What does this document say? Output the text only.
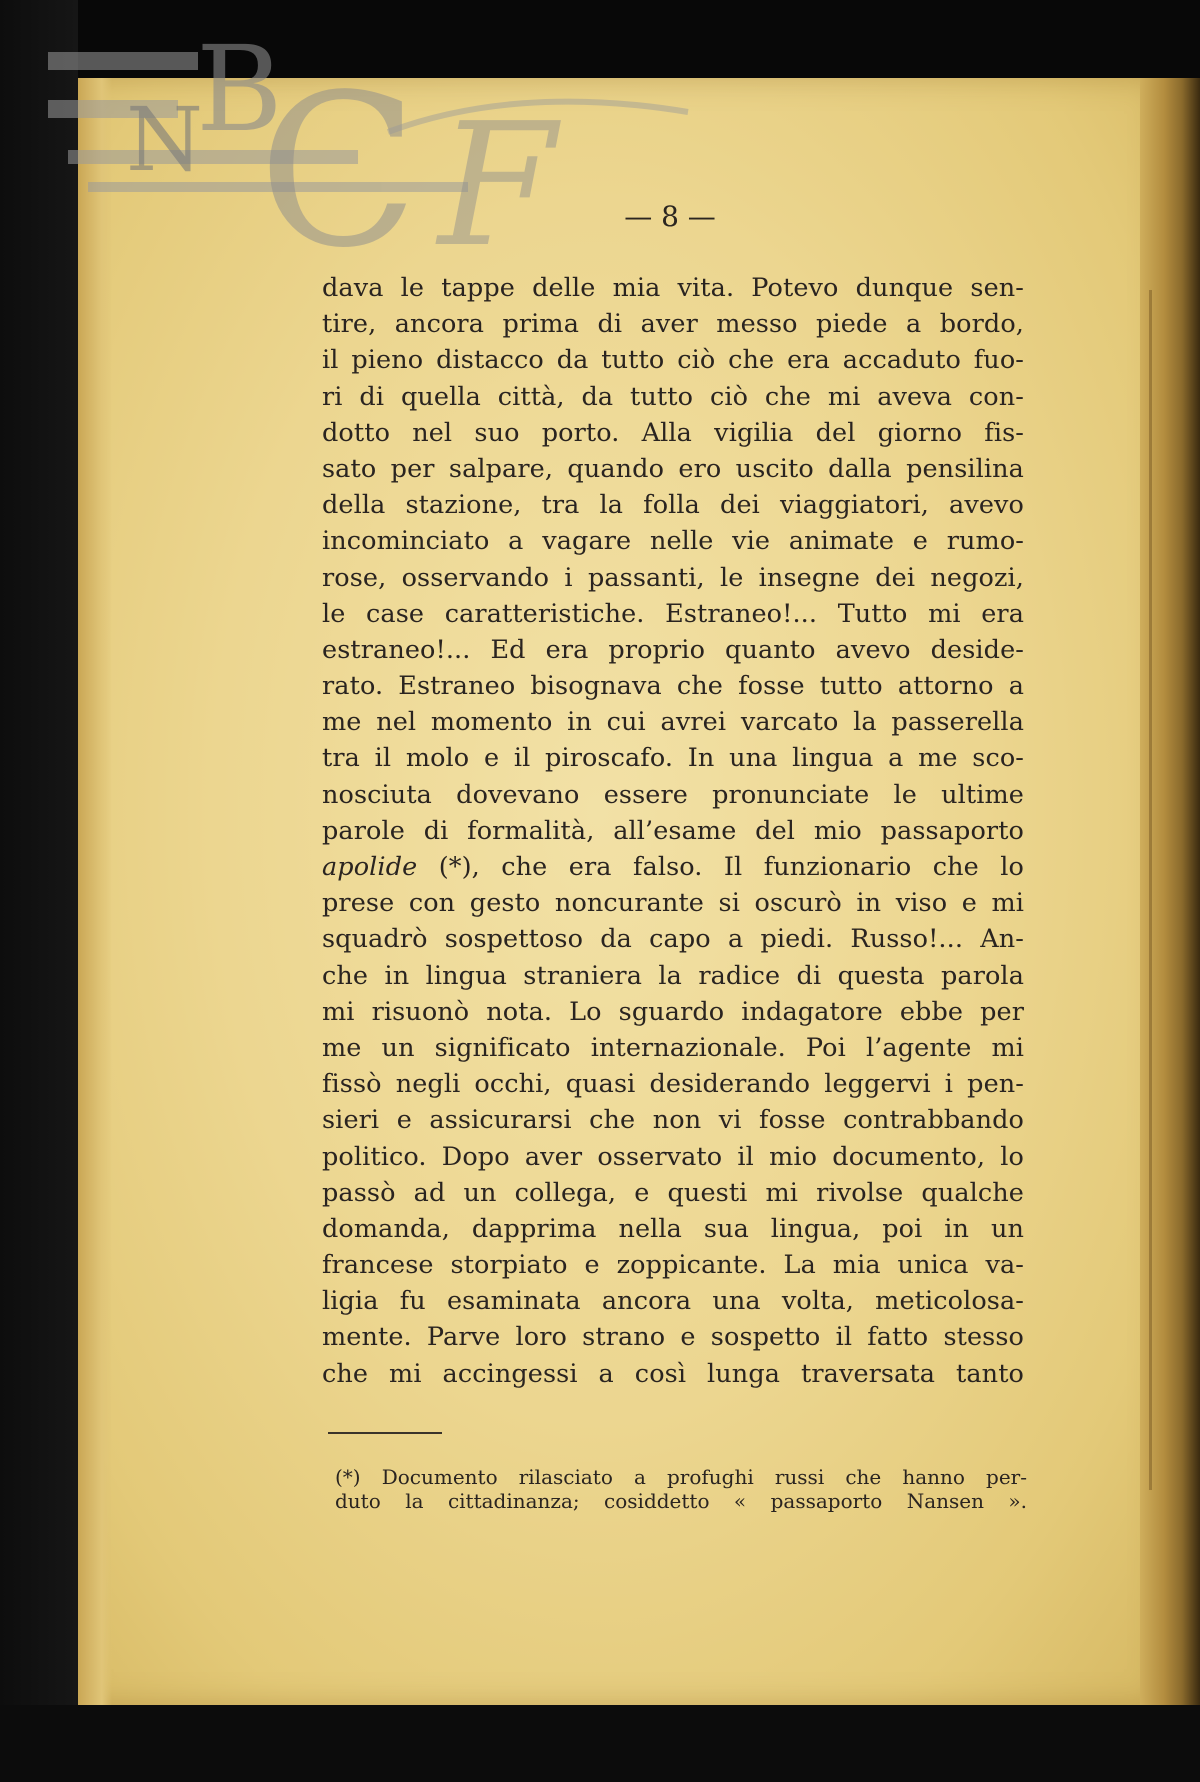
B
N C F	— 8 —
dava le tappe delle mia vita. Potevo dunque sen-
tire, ancora prima di aver messo piede a bordo,
il pieno distacco da tutto ciò che era accaduto fuo-
ri di quella città, da tutto ciò che mi aveva con-
dotto nel suo porto. Alla vigilia del giorno fis-
sato per salpare, quando ero uscito dalla pensilina
della stazione, tra la folla dei viaggiatori, avevo
incominciato a vagare nelle vie animate e rumo-
rose, osservando i passanti, le insegne dei negozi,
le case caratteristiche. Estraneo!... Tutto mi era
estraneo!... Ed era proprio quanto avevo deside-
rato. Estraneo bisognava che fosse tutto attorno a
me nel momento in cui avrei varcato la passerella
tra il molo e il piroscafo. In una lingua a me sco-
nosciuta dovevano essere pronunciate le ultime
parole di formalità, all’esame del mio passaporto
apolide (*), che era falso. Il funzionario che lo
prese con gesto noncurante si oscurò in viso e mi
squadrò sospettoso da capo a piedi. Russo!... An-
che in lingua straniera la radice di questa parola
mi risuonò nota. Lo sguardo indagatore ebbe per
me un significato internazionale. Poi l’agente mi
fissò negli occhi, quasi desiderando leggervi i pen-
sieri e assicurarsi che non vi fosse contrabbando
politico. Dopo aver osservato il mio documento, lo
passò ad un collega, e questi mi rivolse qualche
domanda, dapprima nella sua lingua, poi in un
francese storpiato e zoppicante. La mia unica va-
ligia fu esaminata ancora una volta, meticolosa-
mente. Parve loro strano e sospetto il fatto stesso
che mi accingessi a così lunga traversata tanto
(*) Documento rilasciato a profughi russi che hanno per-
duto la cittadinanza; cosiddetto « passaporto Nansen ».
